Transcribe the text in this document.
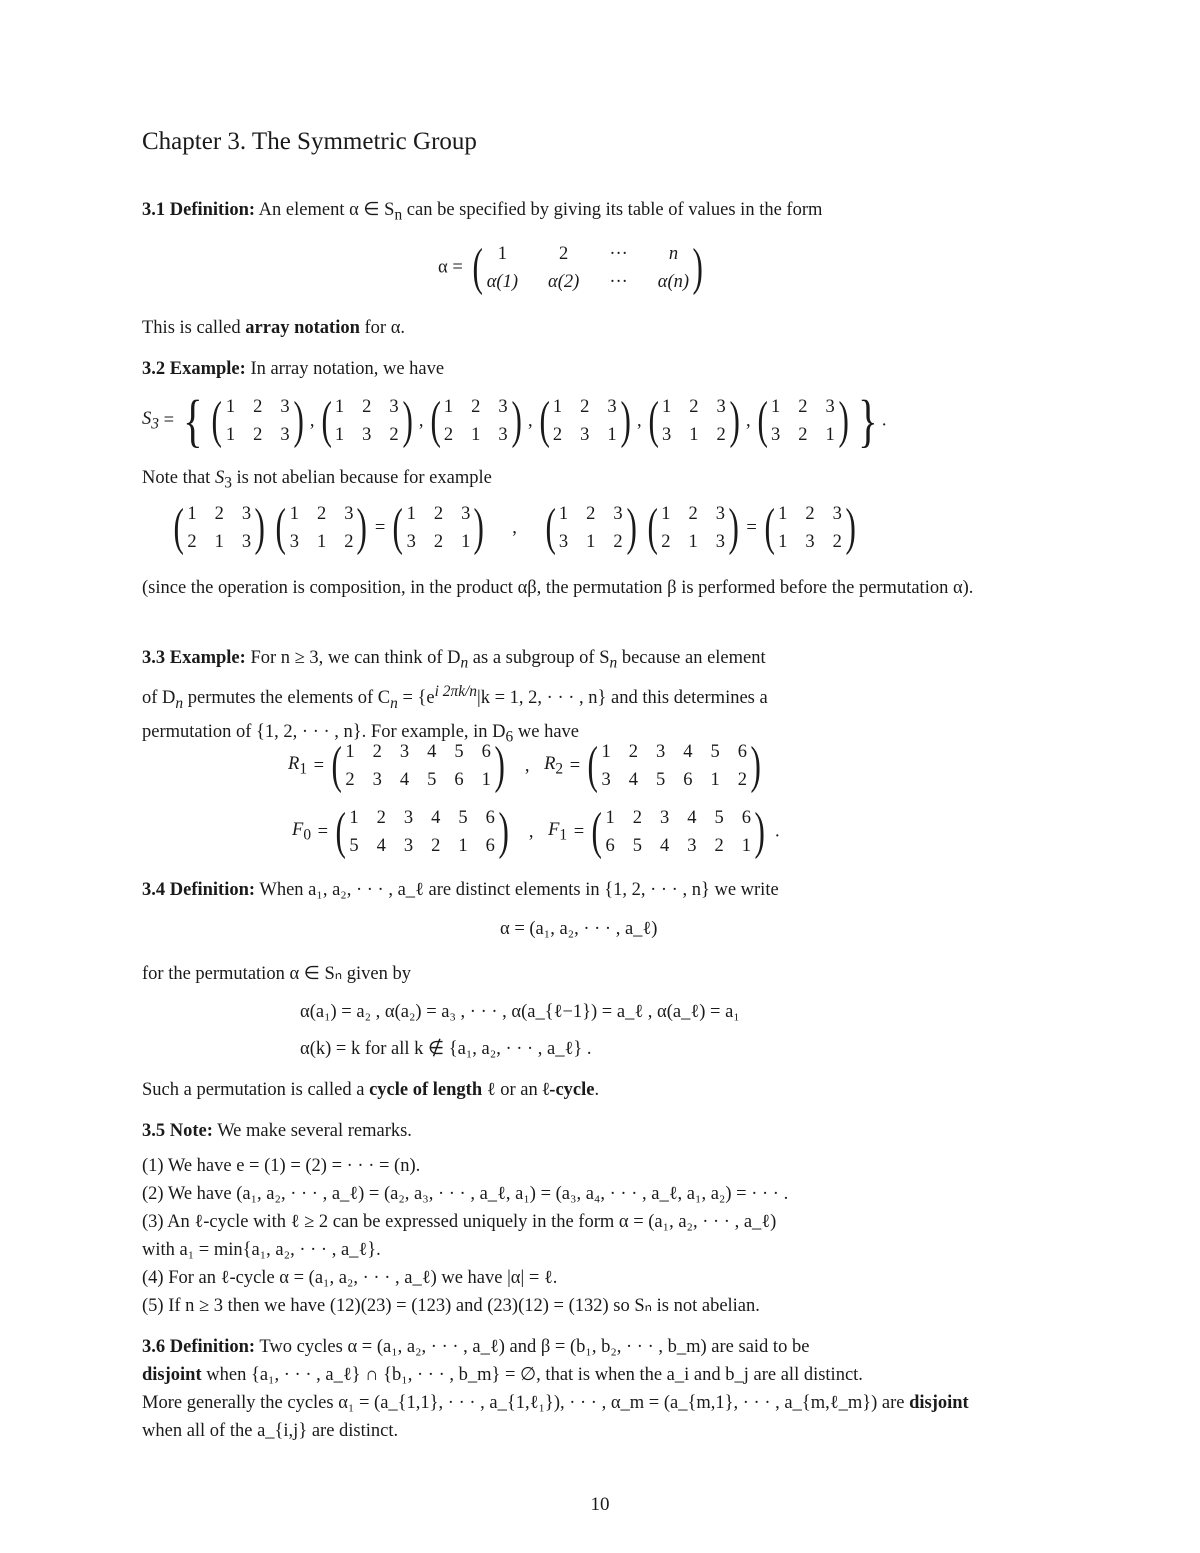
Chapter 3. The Symmetric Group
3.1 Definition: An element α ∈ $S_n$ can be specified by giving its table of values in the form
α = ( 1	2	···	n
α(1) α(2) ··· α(n) )
This is called array notation for α.
3.2 Example: In array notation, we have
$S_3$ = { ( 1 2 3
1 2 3 ) , ( 1 2 3
1 3 2 ) , ( 1 2 3
2 1 3 ) , ( 1 2 3
2 3 1 ) , ( 1 2 3
3 1 2 ) , ( 1 2 3
3 2 1 ) } .
Note that $S_3$ is not abelian because for example
( 1 2 3
2 1 3 ) ( 1 2 3
3 1 2 ) = ( 1 2 3
3 2 1 ) , ( 1 2 3
3 1 2 ) ( 1 2 3
2 1 3 ) = ( 1 2 3
1 3 2 )
(since the operation is composition, in the product αβ, the permutation β is performed before the permutation α).
3.3 Example: For n ≥ 3, we can think of $D_n$ as a subgroup of $S_n$ because an element
of $D_n$ permutes the elements of $C_n = \{e^{i 2\pi k/n}|k = 1$, 2, · · · , n} and this determines a
permutation of {1, 2, · · · , n}. For example, in $D_6$ we have
$R_1$ = ( 1 2 3 4 5 6
2 3 4 5 6 1 ) , $R_2$ = ( 1 2 3 4 5 6
3 4 5 6 1 2 )
$F_0$ = ( 1 2 3 4 5 6
5 4 3 2 1 6 ) , $F_1$ = ( 1 2 3 4 5 6
6 5 4 3 2 1 ) .
3.4 Definition: When a₁, a₂, · · · , a_ℓ are distinct elements in {1, 2, · · · , n} we write
α = (a₁, a₂, · · · , a_ℓ)
for the permutation α ∈ Sₙ given by
α(a₁) = a₂ , α(a₂) = a₃ , · · · , α(a_{ℓ−1}) = a_ℓ , α(a_ℓ) = a₁
α(k) = k for all k ∉ {a₁, a₂, · · · , a_ℓ} .
Such a permutation is called a cycle of length ℓ or an ℓ-cycle.
3.5 Note: We make several remarks.
(1) We have e = (1) = (2) = · · · = (n).
(2) We have (a₁, a₂, · · · , a_ℓ) = (a₂, a₃, · · · , a_ℓ, a₁) = (a₃, a₄, · · · , a_ℓ, a₁, a₂) = · · · .
(3) An ℓ-cycle with ℓ ≥ 2 can be expressed uniquely in the form α = (a₁, a₂, · · · , a_ℓ)
with a₁ = min{a₁, a₂, · · · , a_ℓ}.
(4) For an ℓ-cycle α = (a₁, a₂, · · · , a_ℓ) we have |α| = ℓ.
(5) If n ≥ 3 then we have (12)(23) = (123) and (23)(12) = (132) so Sₙ is not abelian.
3.6 Definition: Two cycles α = (a₁, a₂, · · · , a_ℓ) and β = (b₁, b₂, · · · , b_m) are said to be
disjoint when {a₁, · · · , a_ℓ} ∩ {b₁, · · · , b_m} = ∅, that is when the a_i and b_j are all distinct.
More generally the cycles α₁ = (a_{1,1}, · · · , a_{1,ℓ₁}), · · · , α_m = (a_{m,1}, · · · , a_{m,ℓ_m}) are disjoint
when all of the a_{i,j} are distinct.
10
